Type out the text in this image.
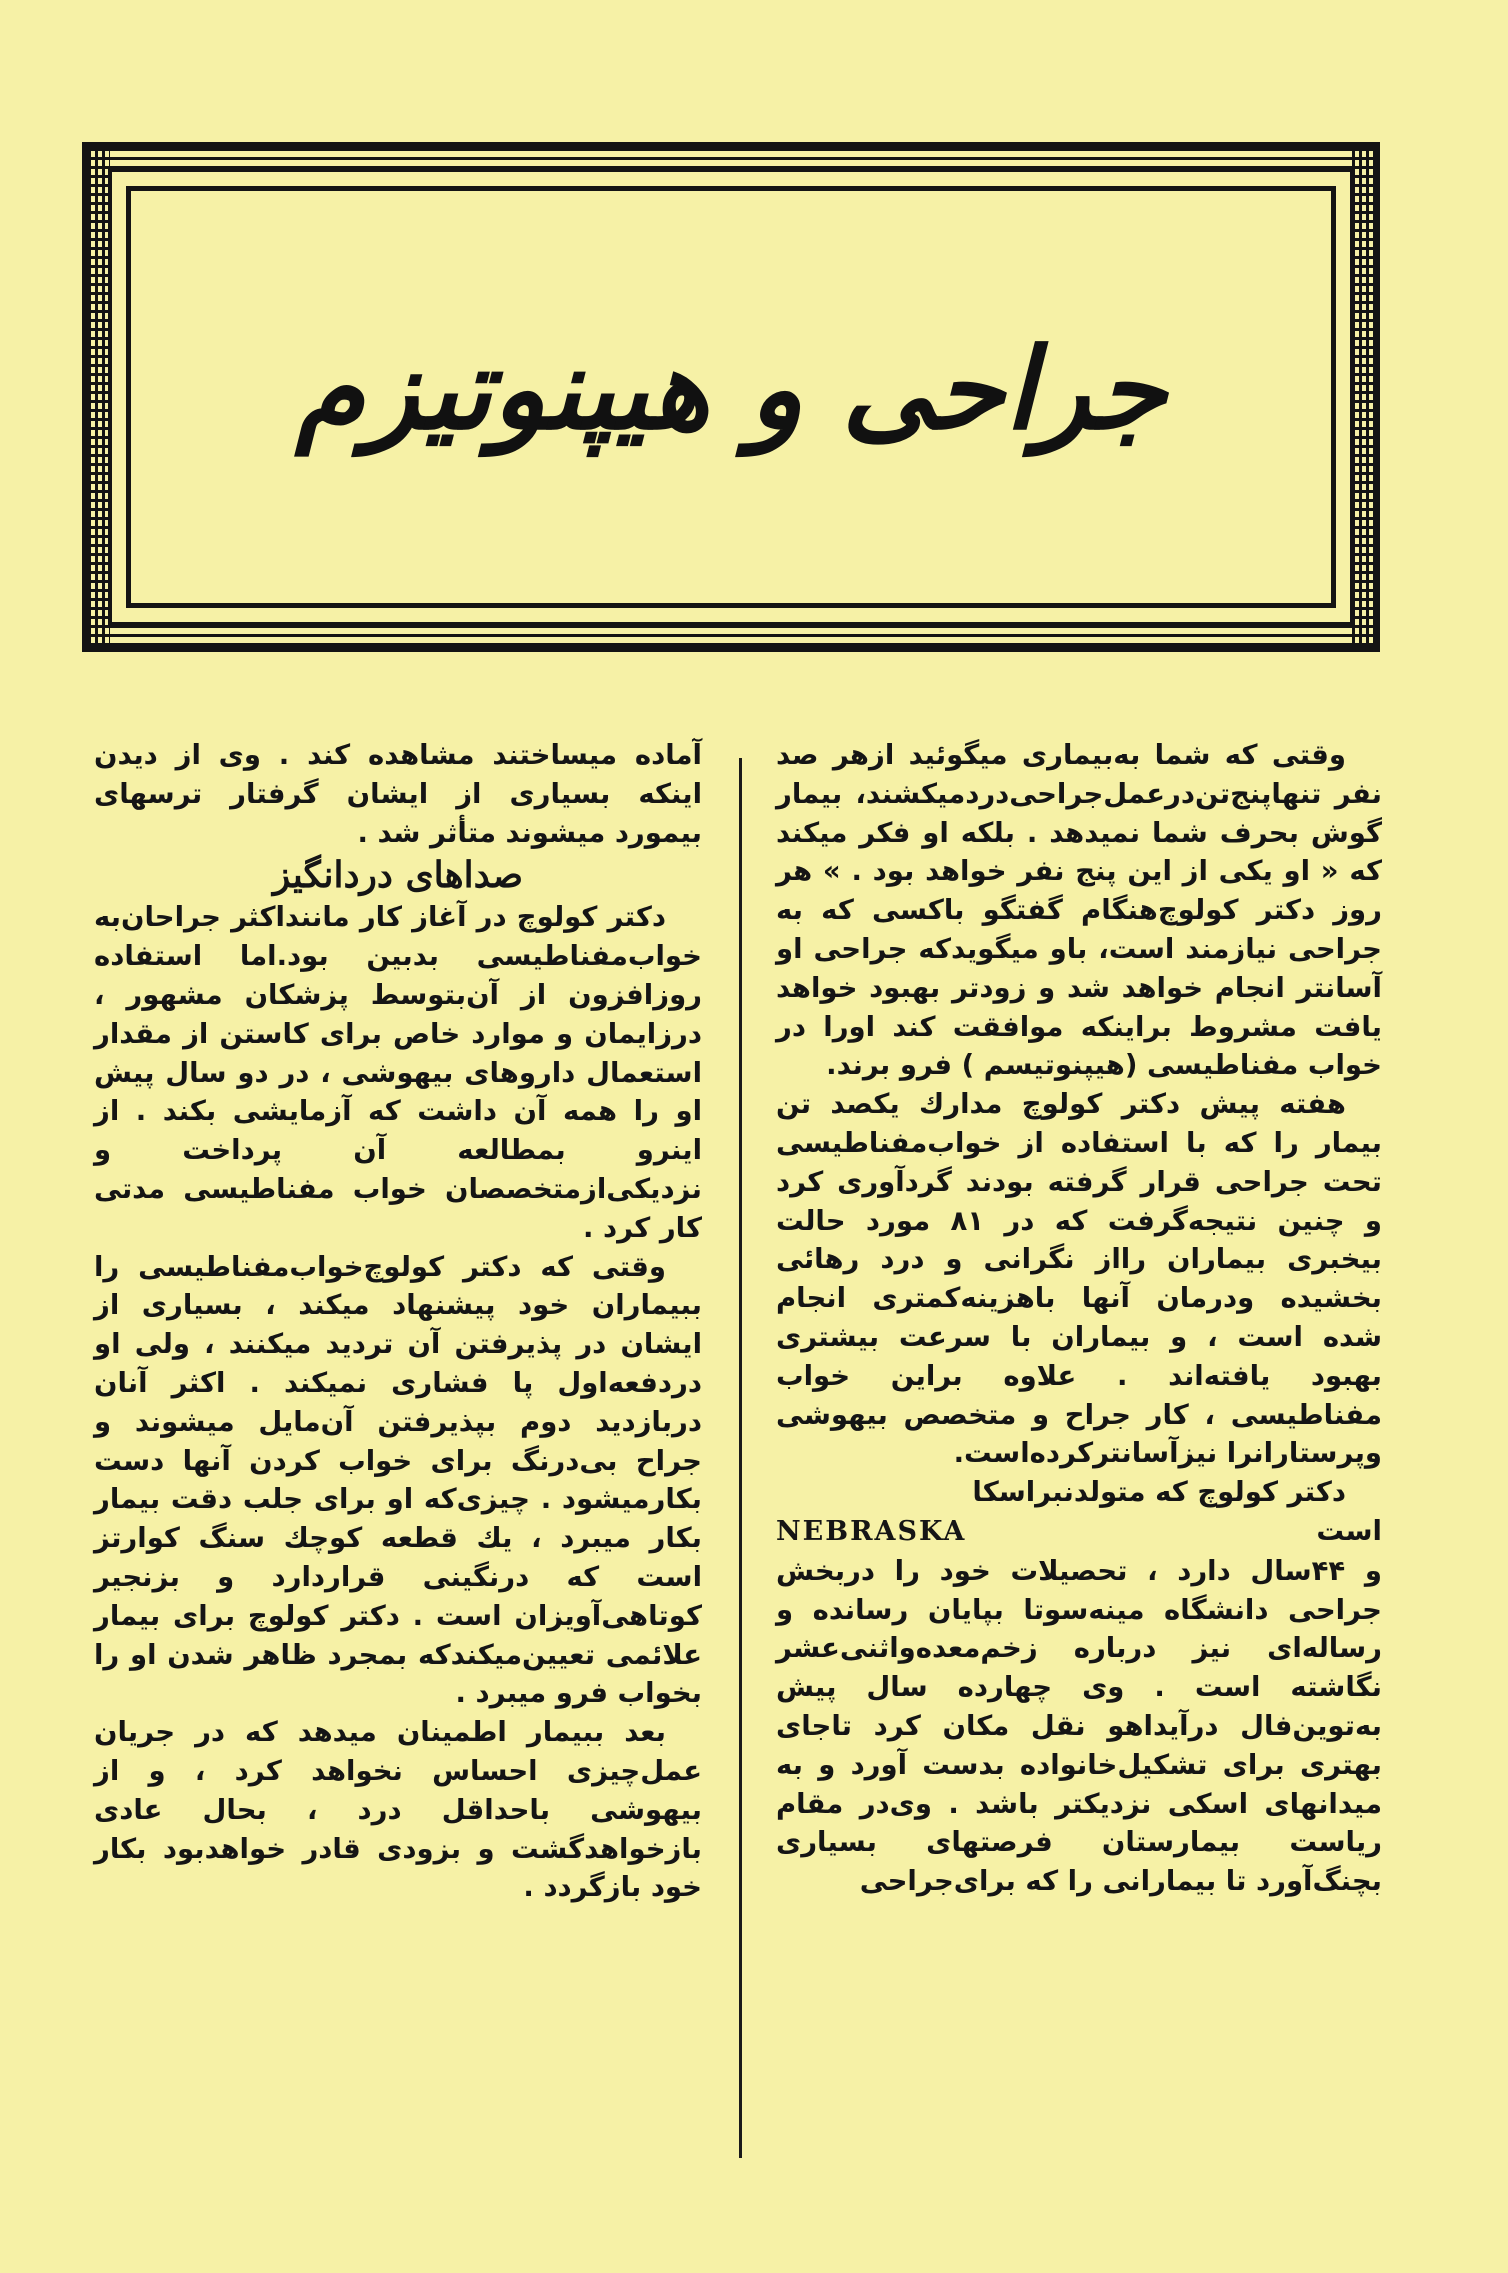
جراحی و هیپنوتیزم

وقتی که شما به‌بیماری میگوئید ازهر صد نفر تنها‌پنج‌تن‌درعمل‌جراحی‌درد‌میکشند، بیمار گوش بحرف شما نمیدهد . بلکه او فکر میکند که « او یکی از این پنج نفر خواهد بود . » هر روز دکتر کولوچ‌هنگام گفتگو باکسی که به جراحی نیازمند است، باو میگویدکه جراحی او آسانتر انجام خواهد شد و زودتر بهبود خواهد یافت مشروط براینکه موافقت کند اورا در خواب مفناطیسی (هیپنوتیسم ) فرو برند.

هفته پیش دکتر کولوچ مدارك یکصد تن بیمار را که با استفاده از خواب‌مفناطیسی تحت جراحی قرار گرفته بودند گردآوری کرد و چنین نتیجه‌گرفت که در ۸۱ مورد حالت بیخبری بیماران رااز نگرانی و درد رهائی بخشیده ودرمان آنها باهزینه‌کمتری انجام شده است ، و بیماران با سرعت بیشتری بهبود یافته‌اند . علاوه براین خواب مفناطیسی ، کار جراح و متخصص بیهوشی وپرستارانرا نیزآسانترکرده‌است.

دکتر کولوچ که متولدنبراسکا

است
NEBRASKA

و ۴۴سال دارد ، تحصیلات خود را دربخش جراحی دانشگاه مینه‌سوتا بپایان رسانده و رساله‌ای نیز درباره زخم‌معده‌واثنی‌عشر نگاشته است . وی چهارده سال پیش به‌توین‌فال درآیداهو نقل مکان کرد تاجای بهتری برای تشکیل‌خانواده بدست آورد و به میدانهای اسکی نزدیکتر باشد . وی‌در مقام ریاست بیمارستان فرصتهای بسیاری بچنگ‌آورد تا بیمارانی را که برای‌جراحی

آماده میساختند مشاهده کند . وی از دیدن اینکه بسیاری از ایشان گرفتار ترسهای بیمورد میشوند متأثر شد .

صداهای دردانگیز

دکتر کولوچ در آغاز کار مانندا‌کثر جراحان‌به خواب‌مفناطیسی بدبین بود.اما استفاده روزافزون از آن‌بتوسط پزشکان مشهور ، درزایمان و موارد خاص برای کاستن از مقدار استعمال داروهای بیهوشی ، در دو سال پیش او را همه آن داشت که آزمایشی بکند . از اینرو بمطالعه آن پرداخت و نزدیکی‌ازمتخصصان خواب مفناطیسی مدتی کار کرد .

وقتی که دکتر کولوچ‌خواب‌مفناطیسی را ببیماران خود پیشنهاد میکند ، بسیاری از ایشان در پذیرفتن آن تردید میکنند ، ولی او دردفعه‌اول پا فشاری نمیکند . اکثر آنان دربازدید دوم بپذیرفتن آن‌مایل میشوند و جراح بی‌درنگ برای خواب کردن آنها دست بکارمیشود . چیزی‌که او برای جلب دقت بیمار بکار میبرد ، یك قطعه کوچك سنگ کوارتز است که درنگینی قراردارد و بزنجیر کوتاهی‌آویزان است . دکتر کولوچ برای بیمار علائمی تعیین‌میکندکه بمجرد ظاهر شدن او را بخواب فرو میبرد .

بعد ببیمار اطمینان میدهد که در جریان عمل‌چیزی احساس نخواهد کرد ، و از بیهوشی باحداقل درد ، بحال عادی بازخواهدگشت و بزودی قادر خواهدبود بکار خود بازگردد .
